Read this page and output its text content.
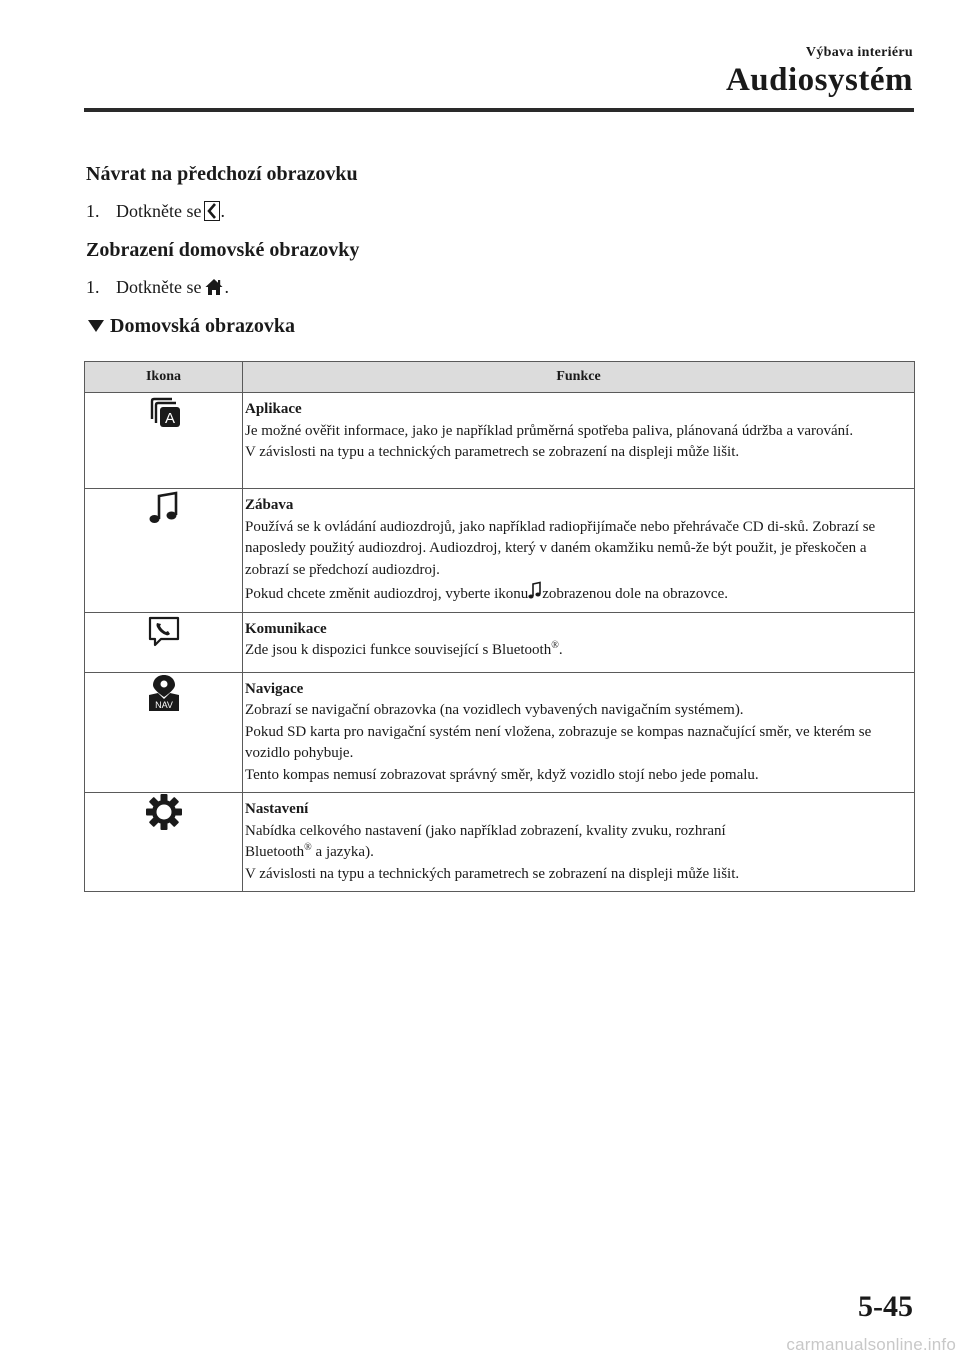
Výbava interiéru
Audiosystém
Návrat na předchozí obrazovku
1. Dotkněte se .
Zobrazení domovské obrazovky
1. Dotkněte se .
Domovská obrazovka
Ikona	Funkce

A	Aplikace
Je možné ověřit informace, jako je například průměrná spotřeba paliva, plánovaná údržba a varování.
V závislosti na typu a technických parametrech se zobrazení na displeji může lišit.

Zábava
Používá se k ovládání audiozdrojů, jako například radiopřijímače nebo přehrávače CD di-sků. Zobrazí se naposledy použitý audiozdroj. Audiozdroj, který v daném okamžiku nemů-že být použit, je přeskočen a zobrazí se předchozí audiozdroj.
Pokud chcete změnit audiozdroj, vyberte ikonu zobrazenou dole na obrazovce.

Komunikace
Zde jsou k dispozici funkce související s Bluetooth®.

NAV	Navigace
Zobrazí se navigační obrazovka (na vozidlech vybavených navigačním systémem).
Pokud SD karta pro navigační systém není vložena, zobrazuje se kompas naznačující směr, ve kterém se vozidlo pohybuje.
Tento kompas nemusí zobrazovat správný směr, když vozidlo stojí nebo jede pomalu.

Nastavení
Nabídka celkového nastavení (jako například zobrazení, kvality zvuku, rozhraní
Bluetooth® a jazyka).
V závislosti na typu a technických parametrech se zobrazení na displeji může lišit.
5-45
carmanualsonline.info
